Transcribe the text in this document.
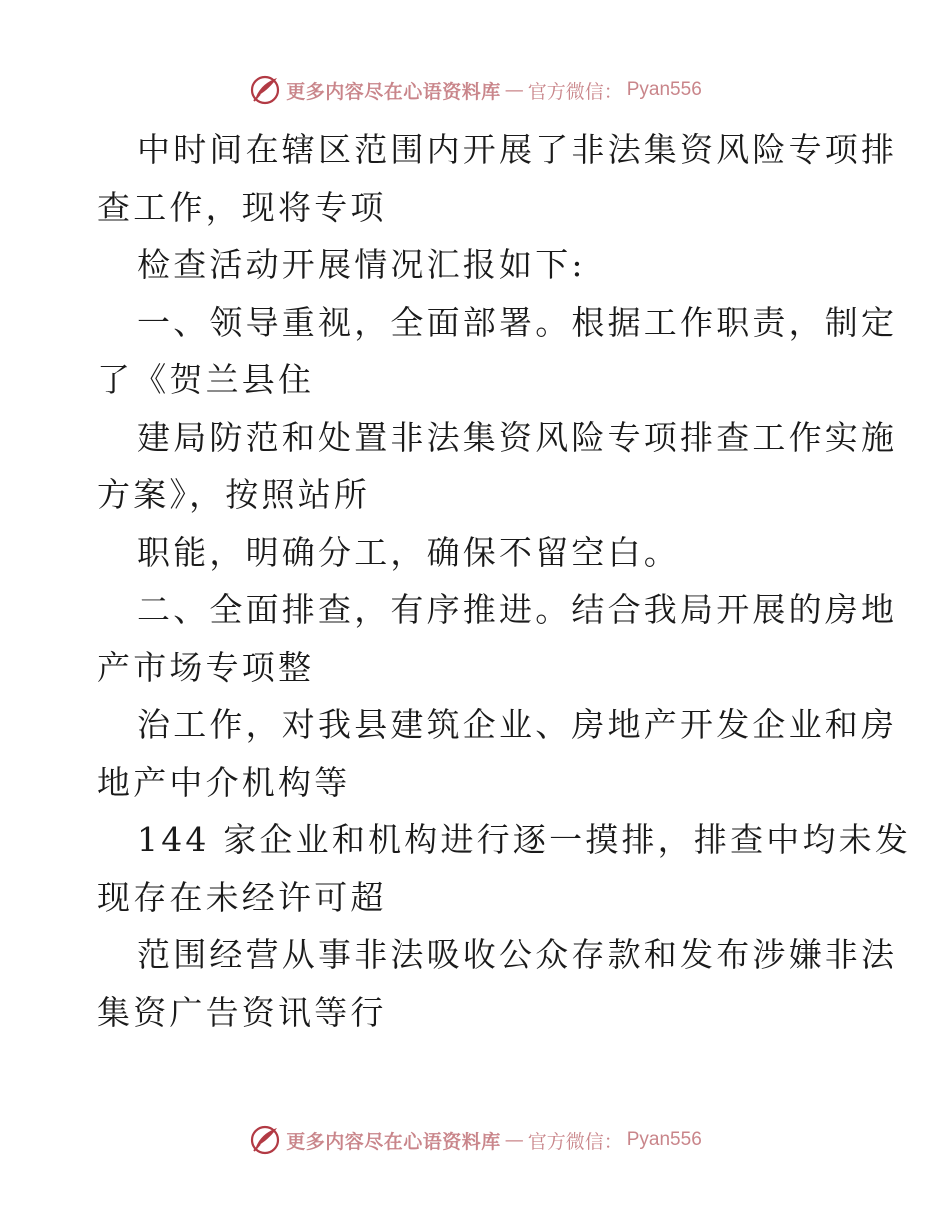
更多内容尽在心语资料库 — 官方微信： Pyan556
中时间在辖区范围内开展了非法集资风险专项排
查工作，现将专项
检查活动开展情况汇报如下:
一、领导重视，全面部署。根据工作职责，制定
了《贺兰县住
建局防范和处置非法集资风险专项排查工作实施
方案》，按照站所
职能，明确分工，确保不留空白。
二、全面排查，有序推进。结合我局开展的房地
产市场专项整
治工作，对我县建筑企业、房地产开发企业和房
地产中介机构等
144 家企业和机构进行逐一摸排，排查中均未发
现存在未经许可超
范围经营从事非法吸收公众存款和发布涉嫌非法
集资广告资讯等行
更多内容尽在心语资料库 — 官方微信： Pyan556
